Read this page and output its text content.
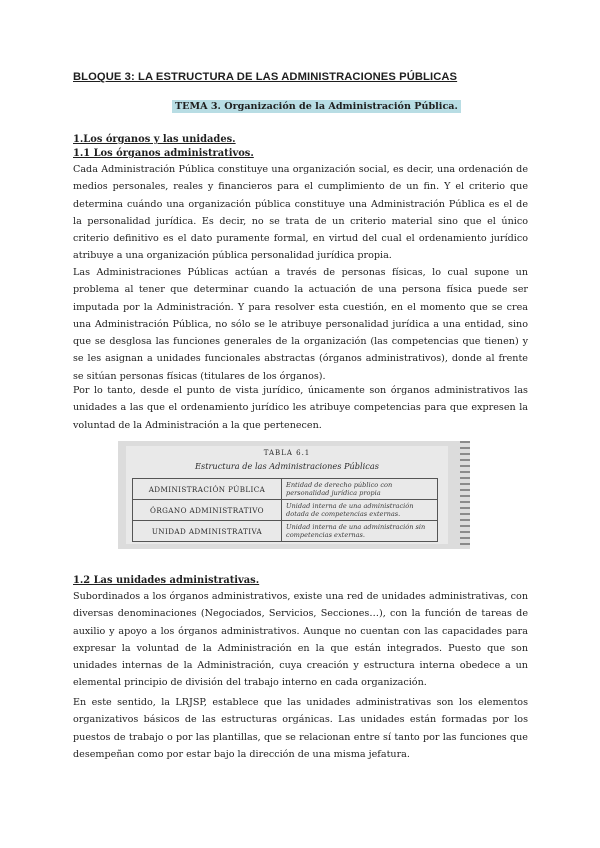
BLOQUE 3: LA ESTRUCTURA DE LAS ADMINISTRACIONES PÚBLICAS
TEMA 3. Organización de la Administración Pública.
1.Los órganos y las unidades.
1.1 Los órganos administrativos.

Cada Administración Pública constituye una organización social, es decir, una ordenación de medios personales, reales y financieros para el cumplimiento de un fin. Y el criterio que determina cuándo una organización pública constituye una Administración Pública es el de la personalidad jurídica. Es decir, no se trata de un criterio material sino que el único criterio definitivo es el dato puramente formal, en virtud del cual el ordenamiento jurídico atribuye a una organización pública personalidad jurídica propia.

Las Administraciones Públicas actúan a través de personas físicas, lo cual supone un problema al tener que determinar cuando la actuación de una persona física puede ser imputada por la Administración. Y para resolver esta cuestión, en el momento que se crea una Administración Pública, no sólo se le atribuye personalidad jurídica a una entidad, sino que se desglosa las funciones generales de la organización (las competencias que tienen) y se les asignan a unidades funcionales abstractas (órganos administrativos), donde al frente se sitúan personas físicas (titulares de los órganos).

Por lo tanto, desde el punto de vista jurídico, únicamente son órganos administrativos las unidades a las que el ordenamiento jurídico les atribuye competencias para que expresen la voluntad de la Administración a la que pertenecen.

TABLA 6.1
Estructura de las Administraciones Públicas
ADMINISTRACIÓN PÚBLICA	Entidad de derecho público con personalidad jurídica propia
ÓRGANO ADMINISTRATIVO	Unidad interna de una administración dotada de competencias externas.
UNIDAD ADMINISTRATIVA	Unidad interna de una administración sin competencias externas.
1.2 Las unidades administrativas.

Subordinados a los órganos administrativos, existe una red de unidades administrativas, con diversas denominaciones (Negociados, Servicios, Secciones…), con la función de tareas de auxilio y apoyo a los órganos administrativos. Aunque no cuentan con las capacidades para expresar la voluntad de la Administración en la que están integrados. Puesto que son unidades internas de la Administración, cuya creación y estructura interna obedece a un elemental principio de división del trabajo interno en cada organización.

En este sentido, la LRJSP, establece que las unidades administrativas son los elementos organizativos básicos de las estructuras orgánicas. Las unidades están formadas por los puestos de trabajo o por las plantillas, que se relacionan entre sí tanto por las funciones que desempeñan como por estar bajo la dirección de una misma jefatura.
